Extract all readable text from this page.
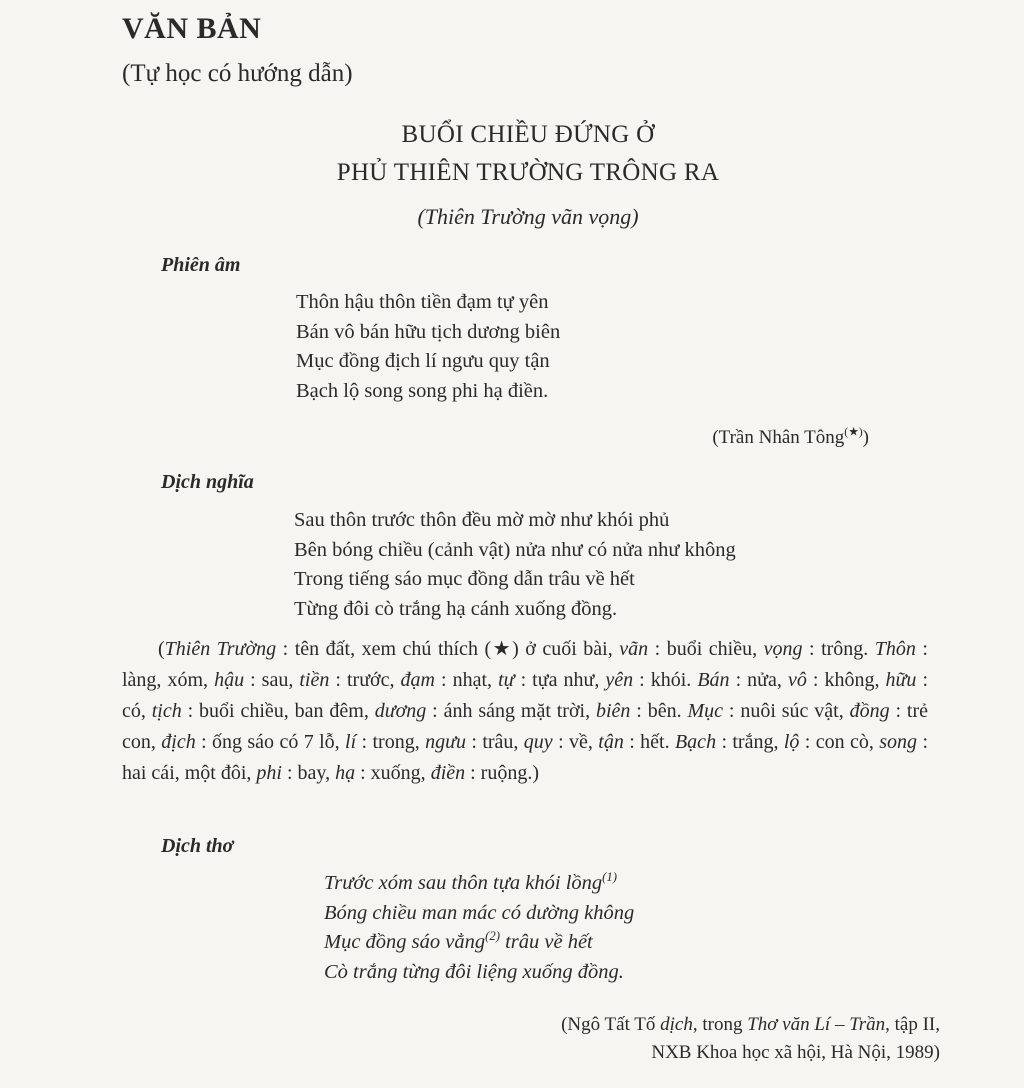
VĂN BẢN
(Tự học có hướng dẫn)
BUỔI CHIỀU ĐỨNG Ở
PHỦ THIÊN TRƯỜNG TRÔNG RA
(Thiên Trường vãn vọng)
Phiên âm
Thôn hậu thôn tiền đạm tự yên
Bán vô bán hữu tịch dương biên
Mục đồng địch lí ngưu quy tận
Bạch lộ song song phi hạ điền.
(Trần Nhân Tông(★))
Dịch nghĩa
Sau thôn trước thôn đều mờ mờ như khói phủ
Bên bóng chiều (cảnh vật) nửa như có nửa như không
Trong tiếng sáo mục đồng dẫn trâu về hết
Từng đôi cò trắng hạ cánh xuống đồng.
(Thiên Trường : tên đất, xem chú thích (★) ở cuối bài, vãn : buổi chiều, vọng : trông. Thôn : làng, xóm, hậu : sau, tiền : trước, đạm : nhạt, tự : tựa như, yên : khói. Bán : nửa, vô : không, hữu : có, tịch : buổi chiều, ban đêm, dương : ánh sáng mặt trời, biên : bên. Mục : nuôi súc vật, đồng : trẻ con, địch : ống sáo có 7 lỗ, lí : trong, ngưu : trâu, quy : về, tận : hết. Bạch : trắng, lộ : con cò, song : hai cái, một đôi, phi : bay, hạ : xuống, điền : ruộng.)
Dịch thơ
Trước xóm sau thôn tựa khói lồng$^{(1)}$
Bóng chiều man mác có dường không
Mục đồng sáo vẳng$^{(2)}$ trâu về hết
Cò trắng từng đôi liệng xuống đồng.
(Ngô Tất Tố dịch, trong Thơ văn Lí – Trần, tập II,
NXB Khoa học xã hội, Hà Nội, 1989)
